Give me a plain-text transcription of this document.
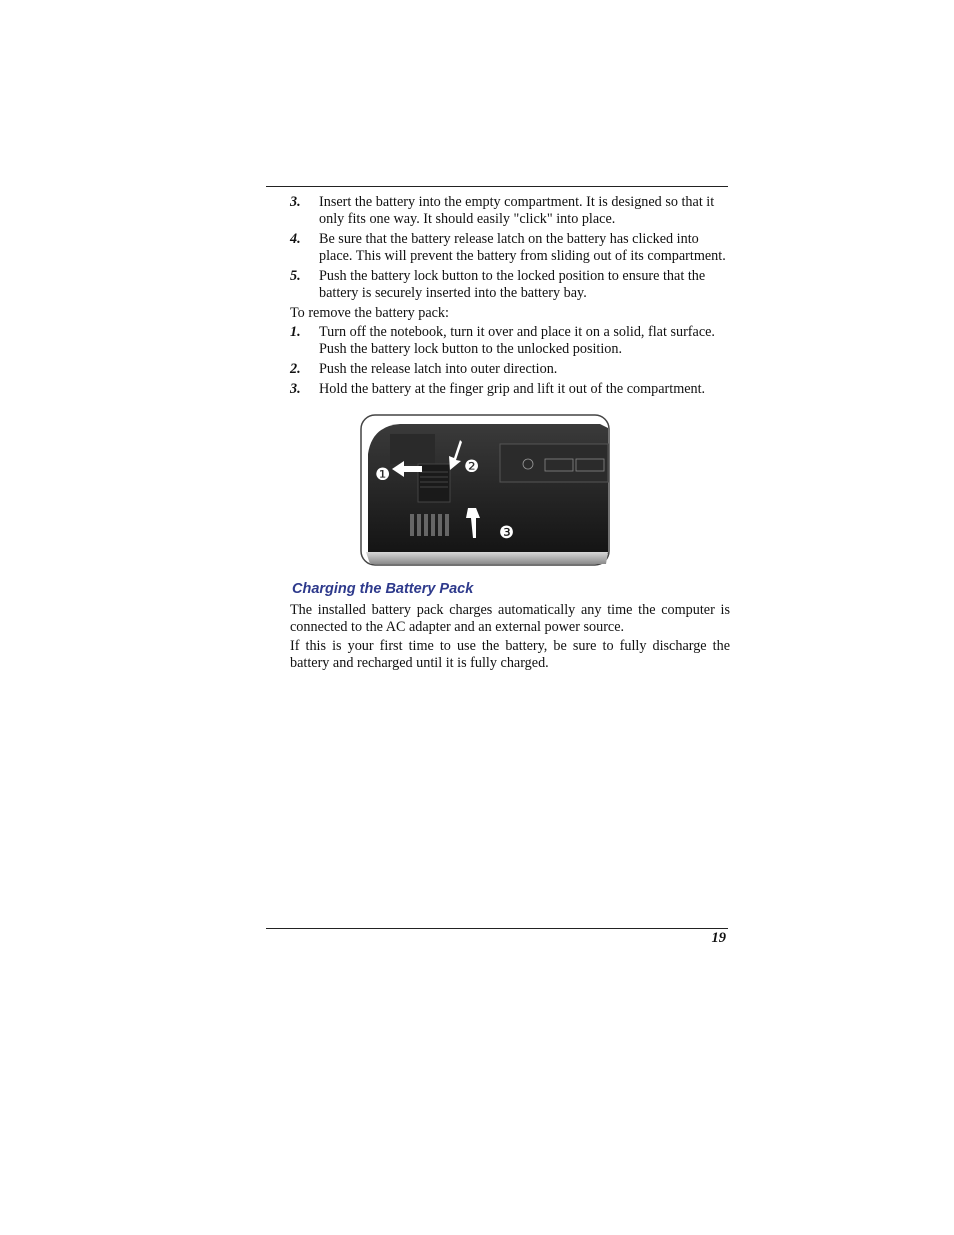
3. Insert the battery into the empty compartment. It is designed so that it only fits one way. It should easily "click" into place.
4. Be sure that the battery release latch on the battery has clicked into place. This will prevent the battery from sliding out of its compartment.
5. Push the battery lock button to the locked position to ensure that the battery is securely inserted into the battery bay.
To remove the battery pack:
1. Turn off the notebook, turn it over and place it on a solid, flat surface. Push the battery lock button to the unlocked position.
2. Push the release latch into outer direction.
3. Hold the battery at the finger grip and lift it out of the compartment.
❶	❷
❸
Charging the Battery Pack
The installed battery pack charges automatically any time the computer is connected to the AC adapter and an external power source.
If this is your first time to use the battery, be sure to fully discharge the battery and recharged until it is fully charged.
19
